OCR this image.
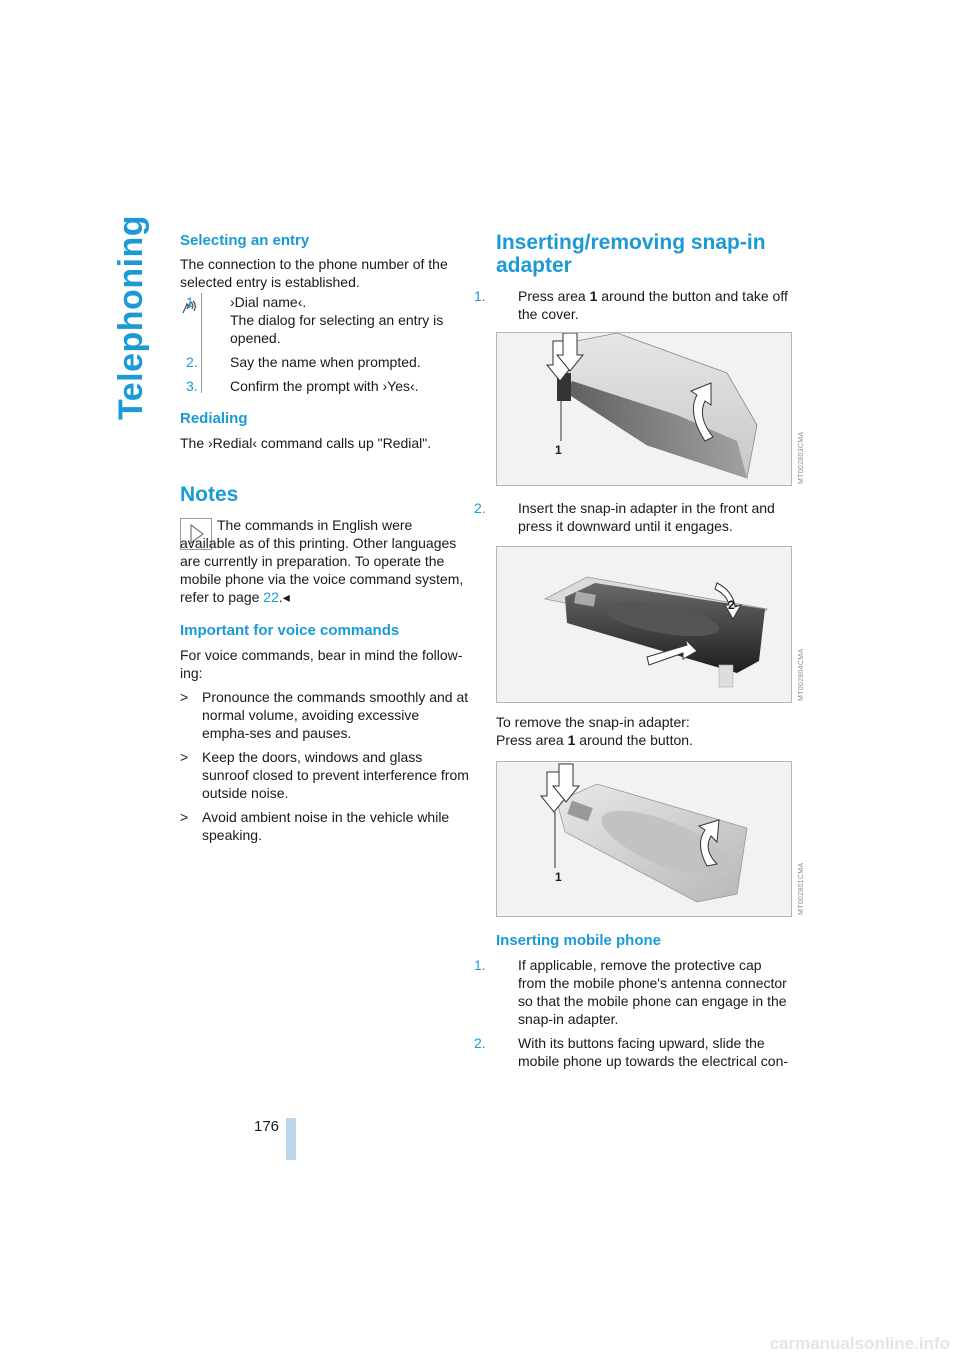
Telephoning Selecting an entry

The connection to the phone number of the selected entry is established.

1. ›Dial name‹.

The dialog for selecting an entry is opened.

2. Say the name when prompted.

3. Confirm the prompt with ›Yes‹.

Redialing

The ›Redial‹ command calls up "Redial".

Notes

The commands in English were available as of this printing. Other languages are currently in preparation. To operate the mobile phone via the voice command system, refer to page 22.◂

Important for voice commands

For voice commands, bear in mind the follow-ing:

> Pronounce the commands smoothly and at normal volume, avoiding excessive empha-ses and pauses.

> Keep the doors, windows and glass sunroof closed to prevent interference from outside noise.

> Avoid ambient noise in the vehicle while speaking.

Inserting/removing snap-in adapter

1. Press area 1 around the button and take off the cover.

1	MT002803CMA

2. Insert the snap-in adapter in the front and press it downward until it engages.

2
MT002804CMA

To remove the snap-in adapter:

Press area 1 around the button.

1	MT002801CMA

Inserting mobile phone

1. If applicable, remove the protective cap from the mobile phone's antenna connector so that the mobile phone can engage in the snap-in adapter.

2. With its buttons facing upward, slide the mobile phone up towards the electrical con-

176
carmanualsonline.info
